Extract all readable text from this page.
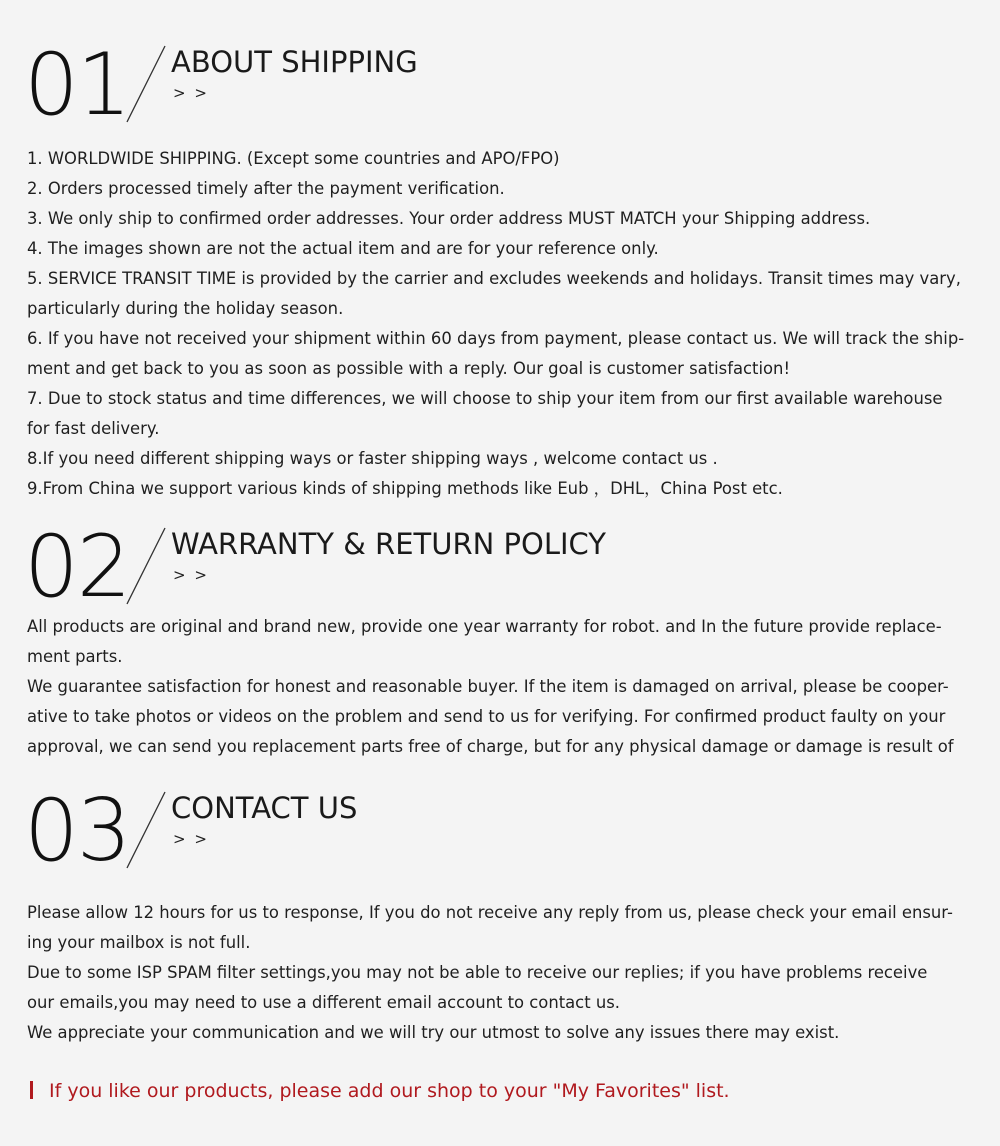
01 ABOUT SHIPPING
> >
1. WORLDWIDE SHIPPING. (Except some countries and APO/FPO)
2. Orders processed timely after the payment verification.
3. We only ship to confirmed order addresses. Your order address MUST MATCH your Shipping address.
4. The images shown are not the actual item and are for your reference only.
5. SERVICE TRANSIT TIME is provided by the carrier and excludes weekends and holidays. Transit times may vary,
particularly during the holiday season.
6. If you have not received your shipment within 60 days from payment, please contact us. We will track the ship-
ment and get back to you as soon as possible with a reply. Our goal is customer satisfaction!
7. Due to stock status and time differences, we will choose to ship your item from our first available warehouse
for fast delivery.
8.If you need different shipping ways or faster shipping ways , welcome contact us .
9.From China we support various kinds of shipping methods like Eub ，DHL，China Post etc.
02 WARRANTY & RETURN POLICY
> >
All products are original and brand new, provide one year warranty for robot. and In the future provide replace-
ment parts.
We guarantee satisfaction for honest and reasonable buyer. If the item is damaged on arrival, please be cooper-
ative to take photos or videos on the problem and send to us for verifying. For confirmed product faulty on your
approval, we can send you replacement parts free of charge, but for any physical damage or damage is result of
03 CONTACT US
> >
Please allow 12 hours for us to response, If you do not receive any reply from us, please check your email ensur-
ing your mailbox is not full.
Due to some ISP SPAM filter settings,you may not be able to receive our replies; if you have problems receive
our emails,you may need to use a different email account to contact us.
We appreciate your communication and we will try our utmost to solve any issues there may exist.
If you like our products, please add our shop to your "My Favorites" list.
